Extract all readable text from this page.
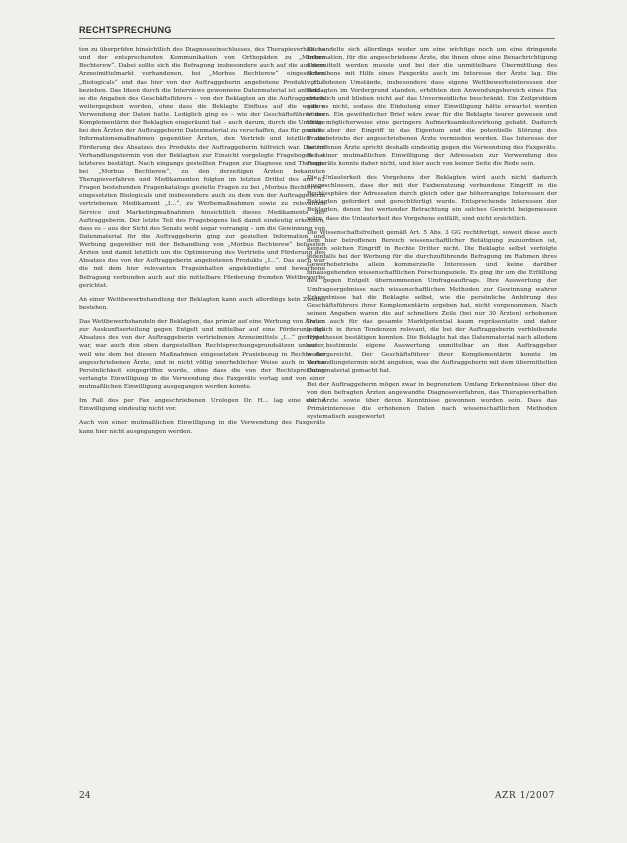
RECHTSPRECHUNG

ten zu überprüfen hinsichtlich des Diagnoseeinschlusses, des Therapieverhaltens und der entsprechenden Kommunikation von Orthopäden zu „Morbus Bechterew“. Dabei sollte sich die Befragung insbesondere auch auf die auf dem Arzneimittelmarkt vorhandenen, bei „Morbus Bechterew“ eingesetzten „Biologicals“ und das hier von der Auftraggeberin angebotene Produkt „I…“ beziehen. Das Ideen durch die Interviews gewonnene Datenmaterial ist anhand – so die Angaben des Geschäftsführers – von der Beklagten an die Auftraggeberin weitergegeben worden, ohne dass die Beklagte Einfluss auf die weitere Verwendung der Daten hatte. Lediglich ging es – wie der Geschäftsführer der Komplementärin der Beklagten eingeräumt hat – auch darum, durch die Umfrage bei den Ärzten der Auftraggeberin Datenmaterial zu verschaffen, das für gezielte Informationsmaßnahmen gegenüber Ärzten, den Vertrieb und letztlich die Förderung des Absatzes des Produkts der Auftraggeberin hilfreich war. Das im Verhandlungstermin von der Beklagten zur Einsicht vorgelegte Fragebogen hat letzteres bestätigt. Nach eingangs gestellten Fragen zur Diagnose und Therapie bei „Morbus Bechterew“, zu den derzeitigen Ärzten bekannten Therapieverfahren und Medikamenten folgten im letzten Drittel des aus 61 Fragen bestehenden Fragenkatalogs gezielte Fragen zu bei „Morbus Bechterew“ eingesetzten Biologicals und insbesondere auch zu dem von der Auftraggeberin vertriebenen Medikament „I…“, zu Werbemaßnahmen sowie zu relevanten Service und Marketingmaßnahmen hinsichtlich dieses Medikaments der Auftraggeberin. Der letzte Teil des Fragebogens ließ damit eindeutig erkennen, dass es – aus der Sicht des Senats wohl sogar vorrangig – um die Gewinnung von Datenmaterial für die Auftraggeberin ging zur gezielten Information und Werbung gegenüber mit der Behandlung von „Morbus Bechterew“ befassten Ärzten und damit letztlich um die Optimierung des Vertriebs und Förderung des Absatzes des von der Auftraggeberin angebotenen Produkts „I…“. Das auch war die mit dem hier relevanten Frageinhalten angekündigte und bewarbene Befragung verbunden auch auf die mittelbare Förderung fremden Wettbewerbs gerichtet.

An einer Wettbewerbshandlung der Beklagten kann auch allerdings kein Zweifel bestehen.

Das Wettbewerbshandeln der Beklagten, das primär auf eine Werbung von Ärzten zur Auskunftserteilung gegen Entgelt und mittelbar auf eine Förderung des Absatzes des von der Auftraggeberin vertriebenen Arzneimittels „I…“ gerichtet war, war auch den oben dargestellten Rechtsprechungsgrundsätzen unlauter, weil wie dem bei diesen Maßnahmen eingesetzten Praxisbezug in Rechte der angeschriebenen Ärzte, und in nicht völlig unerheblicher Weise auch in deren Persönlichkeit eingegriffen wurde, ohne dass die von der Rechtsprechung verlangte Einwilligung in die Verwendung des Faxgeräts vorlag und von einer mutmaßlichen Einwilligung ausgegangen werden konnte.

Im Fall des per Fax angeschriebenen Urologen Dr. H… lag eine solche Einwilligung eindeutig nicht vor.

Auch von einer mutmaßlichen Einwilligung in die Verwendung des Faxgeräts kann hier nicht ausgegangen werden.

Es handelte sich allerdings weder um eine wichtige noch um eine dringende Information, für die angeschriebene Ärzte, die ihnen ohne eine Benachrichtigung übermittelt werden musste und bei der die unmittelbare Übermittlung des Schreibens mit Hilfe eines Faxgeräts auch im Interesse der Ärzte lag. Die vorhandenen Umstände, insbesondere dass eigene Wettbewerbsinteressen der Beklagten im Vordergrund standen, erhöhten den Anwendungsbereich eines Fax erheblich und blieben nicht auf das Unvermeidliche beschränkt. Ein Zeitproblem gab es nicht, sodass die Einholung einer Einwilligung hätte erwartet werden können. Ein gewöhnlicher Brief wäre zwar für die Beklagte teurer gewesen und hätte möglicherweise eine geringere Aufmerksamkeitswirkung gehabt. Dadurch wäre aber der Eingriff in das Eigentum und die potentielle Störung des Praxisbetriebs der angeschriebenen Ärzte vermieden worden. Das Interesse der betroffenen Ärzte spricht deshalb eindeutig gegen die Verwendung des Faxgeräts. Bei einer mutmaßlichen Einwilligung der Adressaten zur Verwendung des Faxgeräts konnte daher nicht, und hier auch von keiner Seite die Rede sein.

Die Unlauterkeit des Vorgehens der Beklagten wird auch nicht dadurch ausgeschlossen, dass der mit der Faxbenutzung verbundene Eingriff in die Rechtssphäre der Adressaten durch gleich oder gar höherrangige Interessen der Beklagten gefordert und gerechtfertigt wurde. Entsprechende Interessen der Beklagten, denen bei wertender Betrachtung ein solches Gewicht beigemessen wäre, dass die Unlauterkeit des Vorgehens entfällt, sind nicht ersichtlich.

Die Wissenschaftsfreiheit gemäß Art. 5 Abs. 3 GG rechtfertigt, soweit diese auch dem hier betroffenen Bereich wissenschaftlicher Betätigung zuzuordnen ist, keinen solchen Eingriff in Rechte Dritter nicht. Die Beklagte selbst verfolgte jedenfalls bei der Werbung für die durchzuführende Befragung im Rahmen ihres Gewerbebetriebs allein kommerzielle Interessen und keine darüber hinausgehenden wissenschaftlichen Forschungsziele. Es ging ihr um die Erfüllung des gegen Entgelt übernommenen Umfrageauftrags. Ihre Auswertung der Umfrageergebnisse nach wissenschaftlichen Methoden zur Gewinnung wahrer Erkenntnisse hat die Beklagte selbst, wie die persönliche Anhörung des Geschäftsführers ihrer Komplementärin ergeben hat, nicht vorgenommen. Nach seinen Angaben waren die auf schnellere Zeile (bei nur 30 Ärzten) erhobenen Daten auch für das gesamte Marktpotential kaum repräsentativ und daher lediglich in ihren Tendenzen relevant, die bei der Auftraggeberin verbleibende Hypothesen bestätigen konnten. Die Beklagte hat das Datenmaterial nach alledem nur bestimmte eigene Auswertung unmittelbar an den Auftraggeber weitergereicht. Der Geschäftsführer ihrer Komplementärin konnte im Verhandlungstermin nicht angeben, was die Auftraggeberin mit dem übermittelten Datenmaterial gemacht hat.

Bei der Auftraggeberin mögen zwar in begrenztem Umfang Erkenntnisse über die von den befragten Ärzten angewandte Diagnoseverfahren, das Therapieverhalten der Ärzte sowie über deren Kenntnisse gewonnen worden sein. Dass das Primärinteresse die erhobenen Daten nach wissenschaftlichen Methoden systematisch ausgewertet

24	AZR 1/2007
